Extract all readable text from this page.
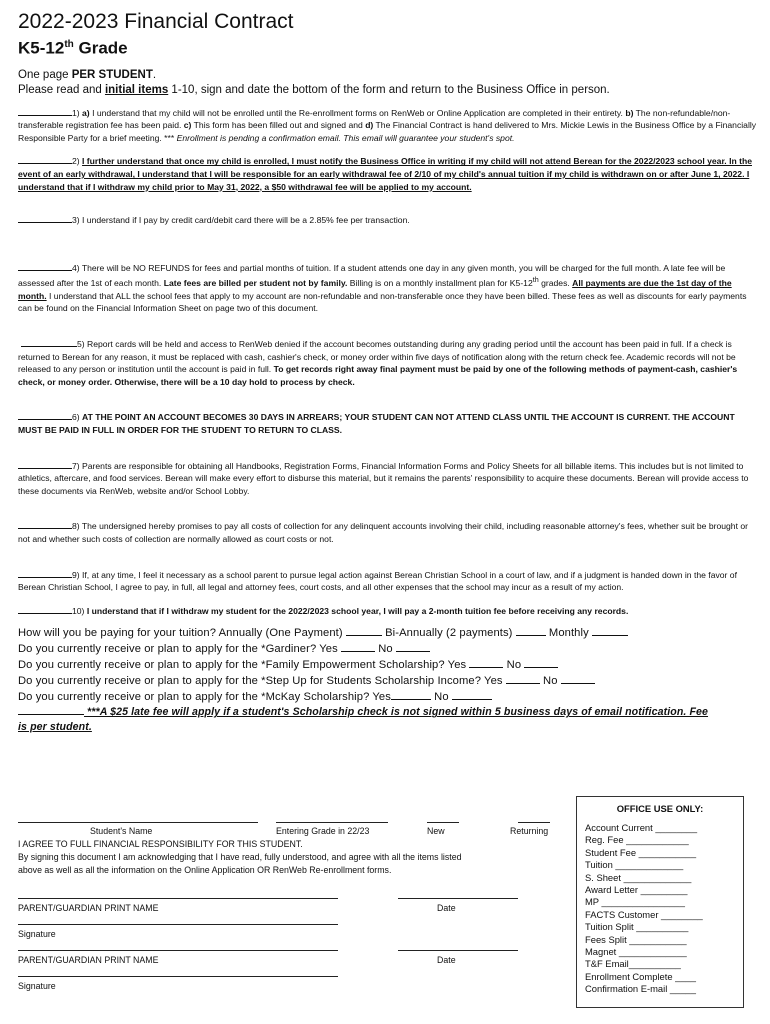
2022-2023 Financial Contract
K5-12th Grade

One page PER STUDENT.
Please read and initial items 1-10, sign and date the bottom of the form and return to the Business Office in person.

1) a) I understand that my child will not be enrolled until the Re-enrollment forms on RenWeb or Online Application are completed in their entirety. b) The non-refundable/non-transferable registration fee has been paid. c) This form has been filled out and signed and d) The Financial Contract is hand delivered to Mrs. Mickie Lewis in the Business Office by a Financially Responsible Party for a brief meeting. *** Enrollment is pending a confirmation email. This email will guarantee your student's spot.

2) I further understand that once my child is enrolled, I must notify the Business Office in writing if my child will not attend Berean for the 2022/2023 school year. In the event of an early withdrawal, I understand that I will be responsible for an early withdrawal fee of 2/10 of my child's annual tuition if my child is withdrawn on or after June 1, 2022. I understand that if I withdraw my child prior to May 31, 2022, a $50 withdrawal fee will be applied to my account.

3) I understand if I pay by credit card/debit card there will be a 2.85% fee per transaction.

4) There will be NO REFUNDS for fees and partial months of tuition. If a student attends one day in any given month, you will be charged for the full month. A late fee will be assessed after the 1st of each month. Late fees are billed per student not by family. Billing is on a monthly installment plan for K5-12th grades. All payments are due the 1st day of the month. I understand that ALL the school fees that apply to my account are non-refundable and non-transferable once they have been billed. These fees as well as discounts for early payments can be found on the Financial Information Sheet on page two of this document.

5) Report cards will be held and access to RenWeb denied if the account becomes outstanding during any grading period until the account has been paid in full. If a check is returned to Berean for any reason, it must be replaced with cash, cashier's check, or money order within five days of notification along with the return check fee. Academic records will not be released to any person or institution until the account is paid in full. To get records right away final payment must be paid by one of the following methods of payment-cash, cashier's check, or money order. Otherwise, there will be a 10 day hold to process by check.

6) AT THE POINT AN ACCOUNT BECOMES 30 DAYS IN ARREARS; YOUR STUDENT CAN NOT ATTEND CLASS UNTIL THE ACCOUNT IS CURRENT. THE ACCOUNT MUST BE PAID IN FULL IN ORDER FOR THE STUDENT TO RETURN TO CLASS.

7) Parents are responsible for obtaining all Handbooks, Registration Forms, Financial Information Forms and Policy Sheets for all billable items. This includes but is not limited to athletics, aftercare, and food services. Berean will make every effort to disburse this material, but it remains the parents' responsibility to acquire these documents. Berean will provide access to these documents via RenWeb, website and/or School Lobby.

8) The undersigned hereby promises to pay all costs of collection for any delinquent accounts involving their child, including reasonable attorney's fees, whether suit be brought or not and whether such costs of collection are normally allowed as court costs or not.

9) If, at any time, I feel it necessary as a school parent to pursue legal action against Berean Christian School in a court of law, and if a judgment is handed down in the favor of Berean Christian School, I agree to pay, in full, all legal and attorney fees, court costs, and all other expenses that the school may incur as a result of my action.

10) I understand that if I withdraw my student for the 2022/2023 school year, I will pay a 2-month tuition fee before receiving any records.

How will you be paying for your tuition? Annually (One Payment)	Bi-Annually (2 payments)	Monthly

Do you currently receive or plan to apply for the *Gardiner? Yes	No

Do you currently receive or plan to apply for the *Family Empowerment Scholarship? Yes	No

Do you currently receive or plan to apply for the *Step Up for Students Scholarship Income? Yes	No

Do you currently receive or plan to apply for the *McKay Scholarship? Yes	No

***A $25 late fee will apply if a student's Scholarship check is not signed within 5 business days of email notification. Fee is per student.

Student's Name	Entering Grade in 22/23	New	Returning
I AGREE TO FULL FINANCIAL RESPONSIBILITY FOR THIS STUDENT.
By signing this document I am acknowledging that I have read, fully understood, and agree with all the items listed
above as well as all the information on the Online Application OR RenWeb Re-enrollment forms.
PARENT/GUARDIAN PRINT NAME	Date
Signature
PARENT/GUARDIAN PRINT NAME	Date
Signature
OFFICE USE ONLY:
Account Current ________
Reg. Fee ____________
Student Fee ___________
Tuition _____________
S. Sheet _____________
Award Letter _________
MP ________________
FACTS Customer ________
Tuition Split __________
Fees Split ___________
Magnet _____________
T&F Email__________
Enrollment Complete ____
Confirmation E-mail _____
